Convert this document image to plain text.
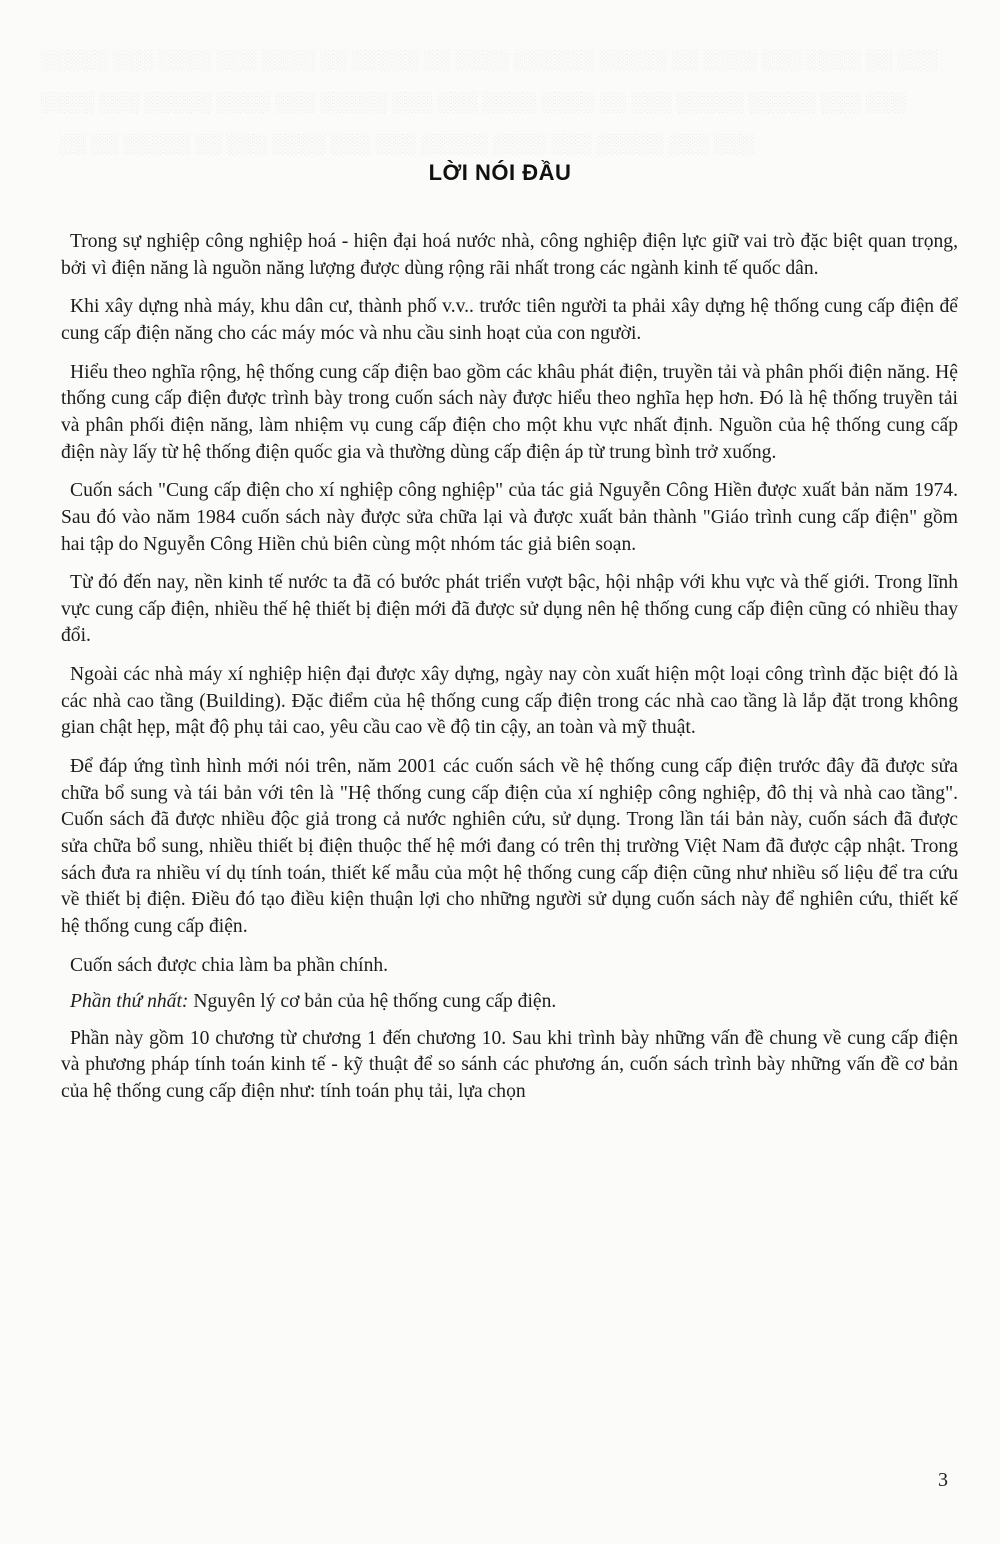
░░░░░ ░░░ ░░░░ ░░░ ░░░░ ░░ ░░░░░ ░░ ░░░░ ░░░░░░ ░░░░░ ░░ ░░░░ ░░░ ░░░░ ░░ ░░░
░░░░ ░░░ ░░░░░ ░░░░ ░░░ ░░░░░ ░░░ ░░░ ░░░░ ░░░░ ░░ ░░░ ░░░░░ ░░░░░ ░░░ ░░░
░░ ░░ ░░░░░ ░░ ░░░ ░░░░ ░░░ ░░░ ░░░░░ ░░░░ ░░░ ░░░░░ ░░░ ░░░
LỜI NÓI ĐẦU

Trong sự nghiệp công nghiệp hoá - hiện đại hoá nước nhà, công nghiệp điện lực giữ vai trò đặc biệt quan trọng, bởi vì điện năng là nguồn năng lượng được dùng rộng rãi nhất trong các ngành kinh tế quốc dân.

Khi xây dựng nhà máy, khu dân cư, thành phố v.v.. trước tiên người ta phải xây dựng hệ thống cung cấp điện để cung cấp điện năng cho các máy móc và nhu cầu sinh hoạt của con người.

Hiểu theo nghĩa rộng, hệ thống cung cấp điện bao gồm các khâu phát điện, truyền tải và phân phối điện năng. Hệ thống cung cấp điện được trình bày trong cuốn sách này được hiểu theo nghĩa hẹp hơn. Đó là hệ thống truyền tải và phân phối điện năng, làm nhiệm vụ cung cấp điện cho một khu vực nhất định. Nguồn của hệ thống cung cấp điện này lấy từ hệ thống điện quốc gia và thường dùng cấp điện áp từ trung bình trở xuống.

Cuốn sách "Cung cấp điện cho xí nghiệp công nghiệp" của tác giả Nguyễn Công Hiền được xuất bản năm 1974. Sau đó vào năm 1984 cuốn sách này được sửa chữa lại và được xuất bản thành "Giáo trình cung cấp điện" gồm hai tập do Nguyễn Công Hiền chủ biên cùng một nhóm tác giả biên soạn.

Từ đó đến nay, nền kinh tế nước ta đã có bước phát triển vượt bậc, hội nhập với khu vực và thế giới. Trong lĩnh vực cung cấp điện, nhiều thế hệ thiết bị điện mới đã được sử dụng nên hệ thống cung cấp điện cũng có nhiều thay đổi.

Ngoài các nhà máy xí nghiệp hiện đại được xây dựng, ngày nay còn xuất hiện một loại công trình đặc biệt đó là các nhà cao tầng (Building). Đặc điểm của hệ thống cung cấp điện trong các nhà cao tầng là lắp đặt trong không gian chật hẹp, mật độ phụ tải cao, yêu cầu cao về độ tin cậy, an toàn và mỹ thuật.

Để đáp ứng tình hình mới nói trên, năm 2001 các cuốn sách về hệ thống cung cấp điện trước đây đã được sửa chữa bổ sung và tái bản với tên là "Hệ thống cung cấp điện của xí nghiệp công nghiệp, đô thị và nhà cao tầng". Cuốn sách đã được nhiều độc giả trong cả nước nghiên cứu, sử dụng. Trong lần tái bản này, cuốn sách đã được sửa chữa bổ sung, nhiều thiết bị điện thuộc thế hệ mới đang có trên thị trường Việt Nam đã được cập nhật. Trong sách đưa ra nhiều ví dụ tính toán, thiết kế mẫu của một hệ thống cung cấp điện cũng như nhiều số liệu để tra cứu về thiết bị điện. Điều đó tạo điều kiện thuận lợi cho những người sử dụng cuốn sách này để nghiên cứu, thiết kế hệ thống cung cấp điện.

Cuốn sách được chia làm ba phần chính.

Phần thứ nhất: Nguyên lý cơ bản của hệ thống cung cấp điện.

Phần này gồm 10 chương từ chương 1 đến chương 10. Sau khi trình bày những vấn đề chung về cung cấp điện và phương pháp tính toán kinh tế - kỹ thuật để so sánh các phương án, cuốn sách trình bày những vấn đề cơ bản của hệ thống cung cấp điện như: tính toán phụ tải, lựa chọn

3
